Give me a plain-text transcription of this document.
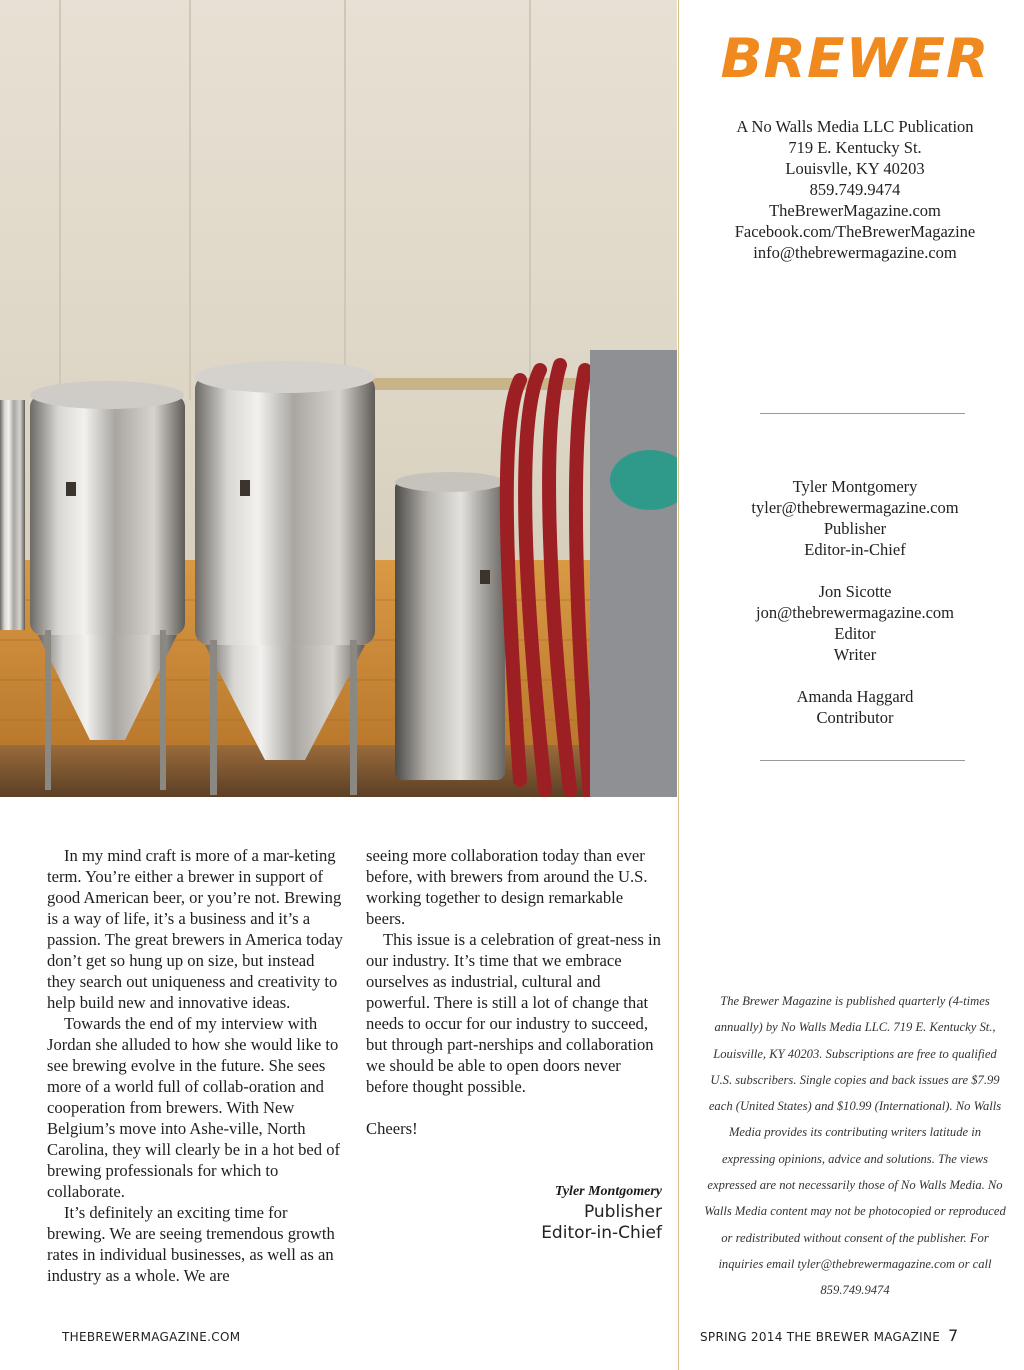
BREWER
A No Walls Media LLC Publication
719 E. Kentucky St.
Louisvlle, KY 40203
859.749.9474
TheBrewerMagazine.com
Facebook.com/TheBrewerMagazine
info@thebrewermagazine.com
Tyler Montgomery
tyler@thebrewermagazine.com
Publisher
Editor-in-Chief
Jon Sicotte
jon@thebrewermagazine.com
Editor
Writer
Amanda Haggard
Contributor
The Brewer Magazine is published quarterly (4-times annually) by No Walls Media LLC. 719 E. Kentucky St., Louisville, KY 40203. Subscriptions are free to qualified U.S. subscribers. Single copies and back issues are $7.99 each (United States) and $10.99 (International). No Walls Media provides its contributing writers latitude in expressing opinions, advice and solutions. The views expressed are not necessarily those of No Walls Media. No Walls Media content may not be photocopied or reproduced or redistributed without consent of the publisher. For inquiries email tyler@thebrewermagazine.com or call 859.749.9474

In my mind craft is more of a mar-keting term. You’re either a brewer in support of good American beer, or you’re not. Brewing is a way of life, it’s a business and it’s a passion. The great brewers in America today don’t get so hung up on size, but instead they search out uniqueness and creativity to help build new and innovative ideas.

Towards the end of my interview with Jordan she alluded to how she would like to see brewing evolve in the future. She sees more of a world full of collab-oration and cooperation from brewers. With New Belgium’s move into Ashe-ville, North Carolina, they will clearly be in a hot bed of brewing professionals for which to collaborate.

It’s definitely an exciting time for brewing. We are seeing tremendous growth rates in individual businesses, as well as an industry as a whole. We are

seeing more collaboration today than ever before, with brewers from around the U.S. working together to design remarkable beers.

This issue is a celebration of great-ness in our industry. It’s time that we embrace ourselves as industrial, cultural and powerful. There is still a lot of change that needs to occur for our industry to succeed, but through part-nerships and collaboration we should be able to open doors never before thought possible.

Cheers!

Tyler Montgomery
Publisher
Editor-in-Chief
THEBREWERMAGAZINE.COM	SPRING 2014 THE BREWER MAGAZINE 7
